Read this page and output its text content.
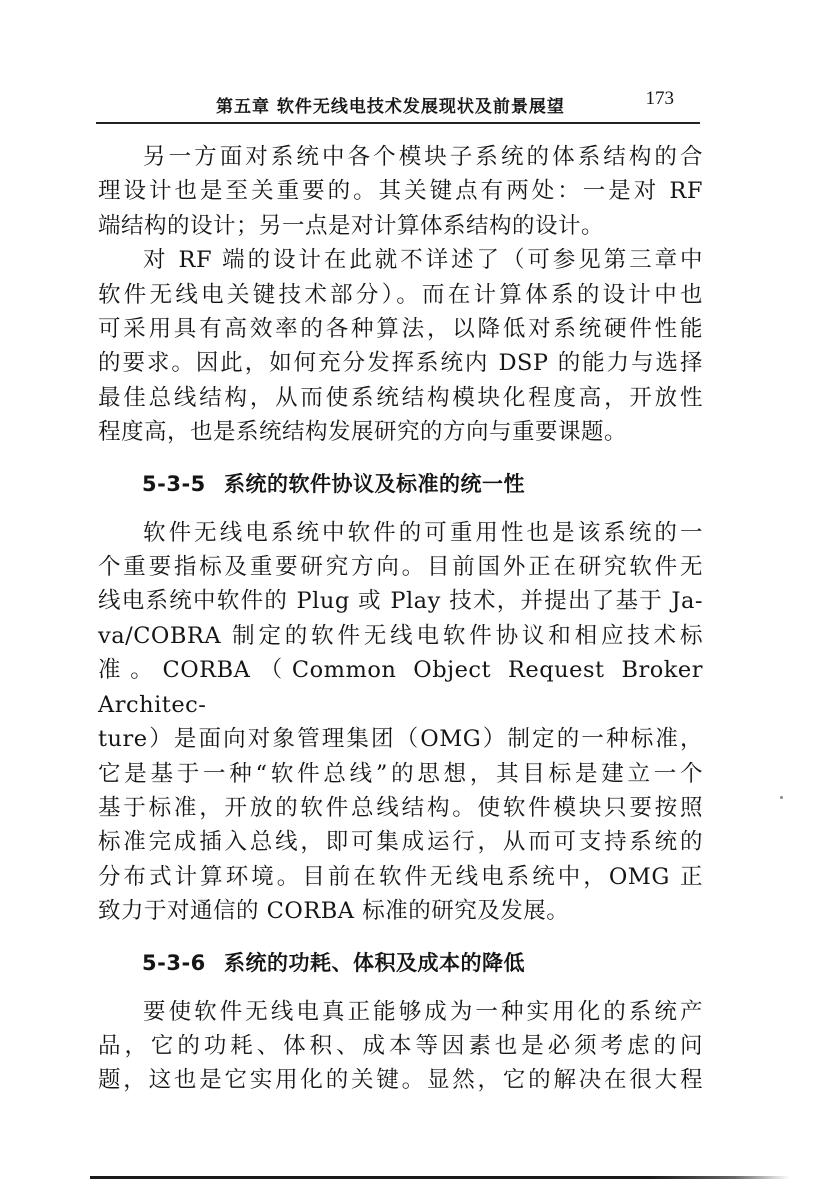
第五章 软件无线电技术发展现状及前景展望	173
另一方面对系统中各个模块子系统的体系结构的合
理设计也是至关重要的。其关键点有两处：一是对 RF
端结构的设计；另一点是对计算体系结构的设计。
对 RF 端的设计在此就不详述了（可参见第三章中
软件无线电关键技术部分）。而在计算体系的设计中也
可采用具有高效率的各种算法，以降低对系统硬件性能
的要求。因此，如何充分发挥系统内 DSP 的能力与选择
最佳总线结构，从而使系统结构模块化程度高，开放性
程度高，也是系统结构发展研究的方向与重要课题。
5-3-5 系统的软件协议及标准的统一性
软件无线电系统中软件的可重用性也是该系统的一
个重要指标及重要研究方向。目前国外正在研究软件无
线电系统中软件的 Plug 或 Play 技术，并提出了基于 Ja-
va/COBRA 制定的软件无线电软件协议和相应技术标
准。CORBA（Common Object Request Broker Architec-
ture）是面向对象管理集团（OMG）制定的一种标准，
它是基于一种“软件总线”的思想，其目标是建立一个
基于标准，开放的软件总线结构。使软件模块只要按照
标准完成插入总线，即可集成运行，从而可支持系统的
分布式计算环境。目前在软件无线电系统中，OMG 正
致力于对通信的 CORBA 标准的研究及发展。
5-3-6 系统的功耗、体积及成本的降低
要使软件无线电真正能够成为一种实用化的系统产
品，它的功耗、体积、成本等因素也是必须考虑的问
题，这也是它实用化的关键。显然，它的解决在很大程
